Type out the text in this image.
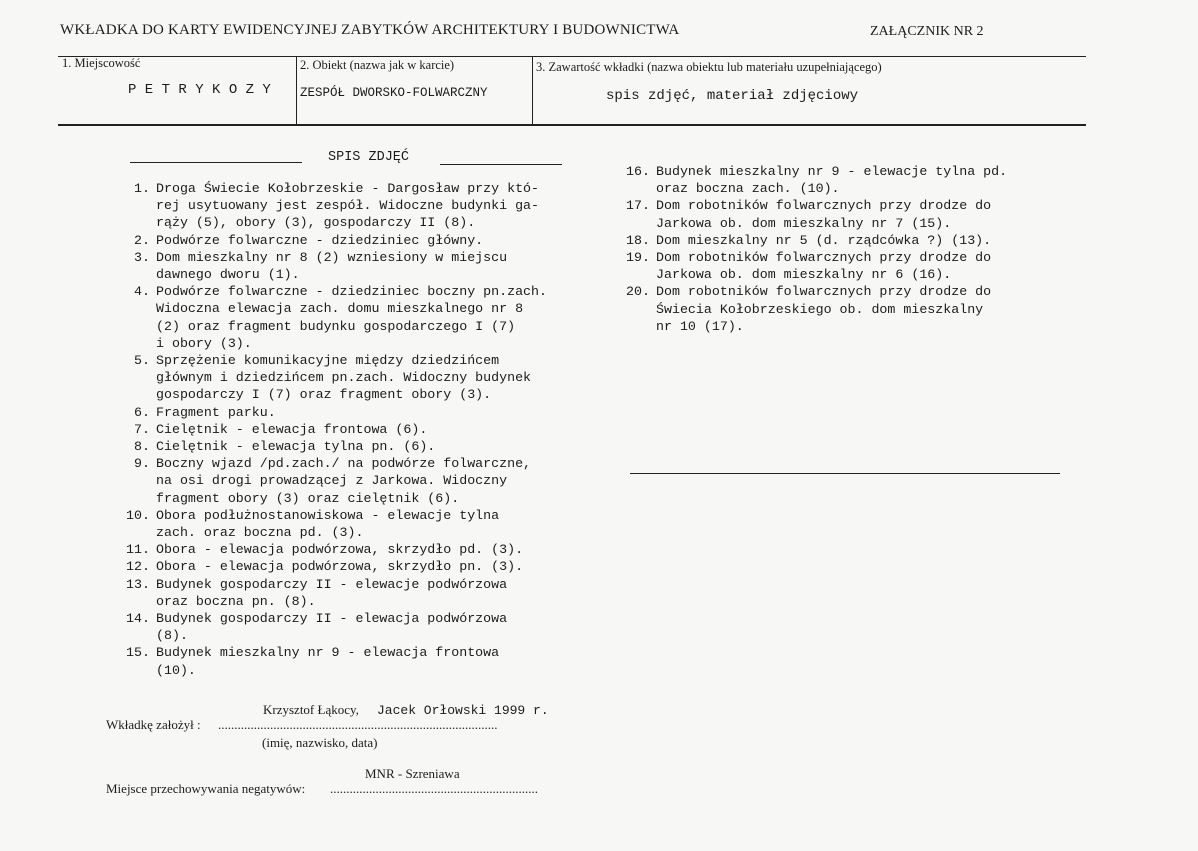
WKŁADKA DO KARTY EWIDENCYJNEJ ZABYTKÓW ARCHITEKTURY I BUDOWNICTWA	ZAŁĄCZNIK NR 2
1. Miejscowość
P E T R Y K O Z Y
2. Obiekt (nazwa jak w karcie)
ZESPÓŁ DWORSKO-FOLWARCZNY
3. Zawartość wkładki (nazwa obiektu lub materiału uzupełniającego)
spis zdjęć, materiał zdjęciowy
SPIS ZDJĘĆ
1. Droga Świecie Kołobrzeskie - Dargosław przy któ-
rej usytuowany jest zespół. Widoczne budynki ga-
rąży (5), obory (3), gospodarczy II (8).
2. Podwórze folwarczne - dziedziniec główny.
3. Dom mieszkalny nr 8 (2) wzniesiony w miejscu
dawnego dworu (1).
4. Podwórze folwarczne - dziedziniec boczny pn.zach.
Widoczna elewacja zach. domu mieszkalnego nr 8
(2) oraz fragment budynku gospodarczego I (7)
i obory (3).
5. Sprzężenie komunikacyjne między dziedzińcem
głównym i dziedzińcem pn.zach. Widoczny budynek
gospodarczy I (7) oraz fragment obory (3).
6. Fragment parku.
7. Cielętnik - elewacja frontowa (6).
8. Cielętnik - elewacja tylna pn. (6).
9. Boczny wjazd /pd.zach./ na podwórze folwarczne,
na osi drogi prowadzącej z Jarkowa. Widoczny
fragment obory (3) oraz cielętnik (6).
10. Obora podłużnostanowiskowa - elewacje tylna
zach. oraz boczna pd. (3).
11. Obora - elewacja podwórzowa, skrzydło pd. (3).
12. Obora - elewacja podwórzowa, skrzydło pn. (3).
13. Budynek gospodarczy II - elewacje podwórzowa
oraz boczna pn. (8).
14. Budynek gospodarczy II - elewacja podwórzowa
(8).
15. Budynek mieszkalny nr 9 - elewacja frontowa
(10).
16. Budynek mieszkalny nr 9 - elewacje tylna pd.
oraz boczna zach. (10).
17. Dom robotników folwarcznych przy drodze do
Jarkowa ob. dom mieszkalny nr 7 (15).
18. Dom mieszkalny nr 5 (d. rządcówka ?) (13).
19. Dom robotników folwarcznych przy drodze do
Jarkowa ob. dom mieszkalny nr 6 (16).
20. Dom robotników folwarcznych przy drodze do
Świecia Kołobrzeskiego ob. dom mieszkalny
nr 10 (17).
Krzysztof Łąkocy, Jacek Orłowski 1999 r.
Wkładkę założył : ......................................................................................
(imię, nazwisko, data)
MNR - Szreniawa
Miejsce przechowywania negatywów: ................................................................
